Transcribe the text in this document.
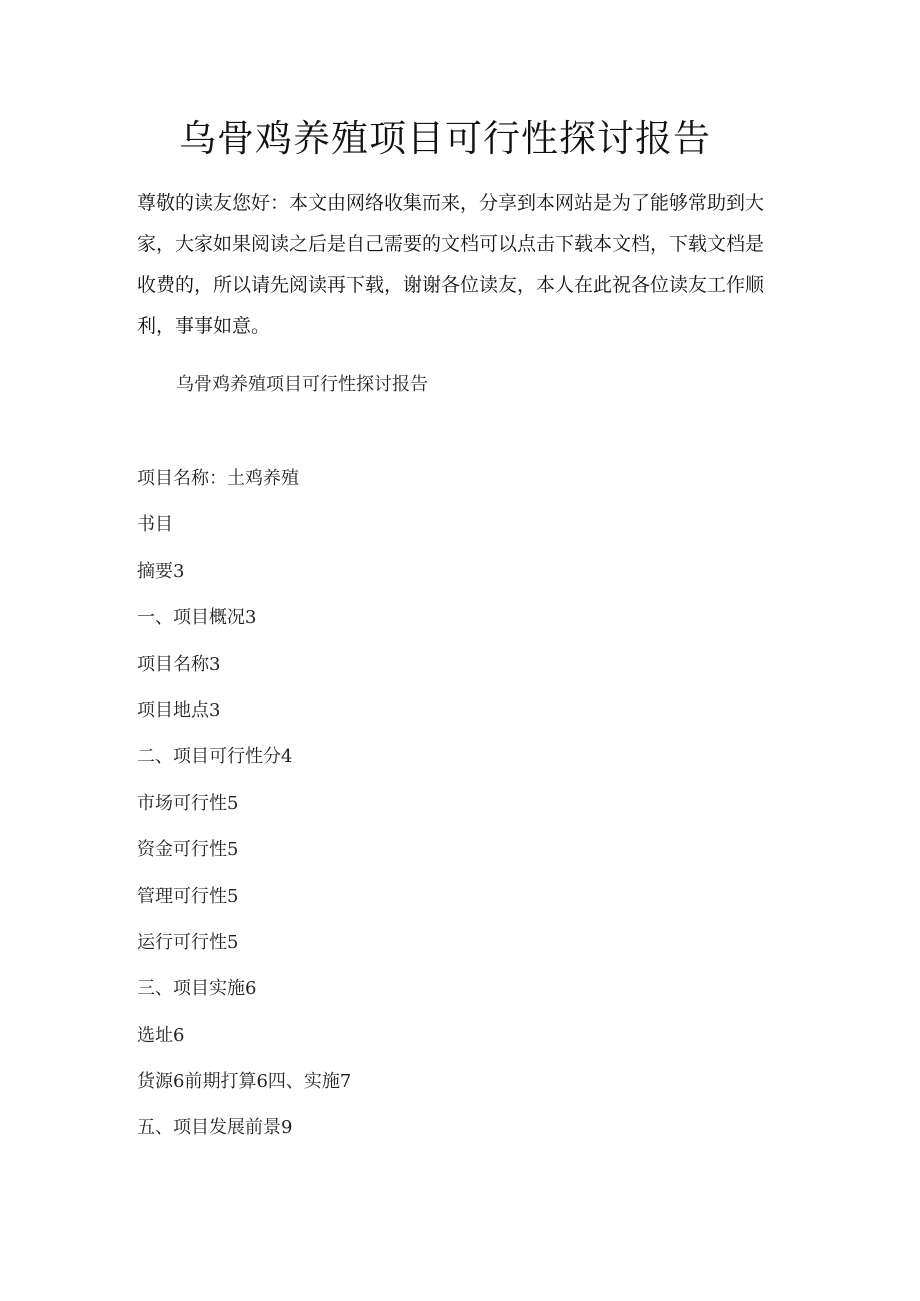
乌骨鸡养殖项目可行性探讨报告

尊敬的读友您好：本文由网络收集而来，分享到本网站是为了能够常助到大家，大家如果阅读之后是自己需要的文档可以点击下载本文档，下载文档是收费的，所以请先阅读再下载，谢谢各位读友，本人在此祝各位读友工作顺利，事事如意。

乌骨鸡养殖项目可行性探讨报告

项目名称：土鸡养殖
书目
摘要3
一、项目概况3
项目名称3
项目地点3
二、项目可行性分4
市场可行性5
资金可行性5
管理可行性5
运行可行性5
三、项目实施6
选址6
货源6前期打算6四、实施7
五、项目发展前景9
